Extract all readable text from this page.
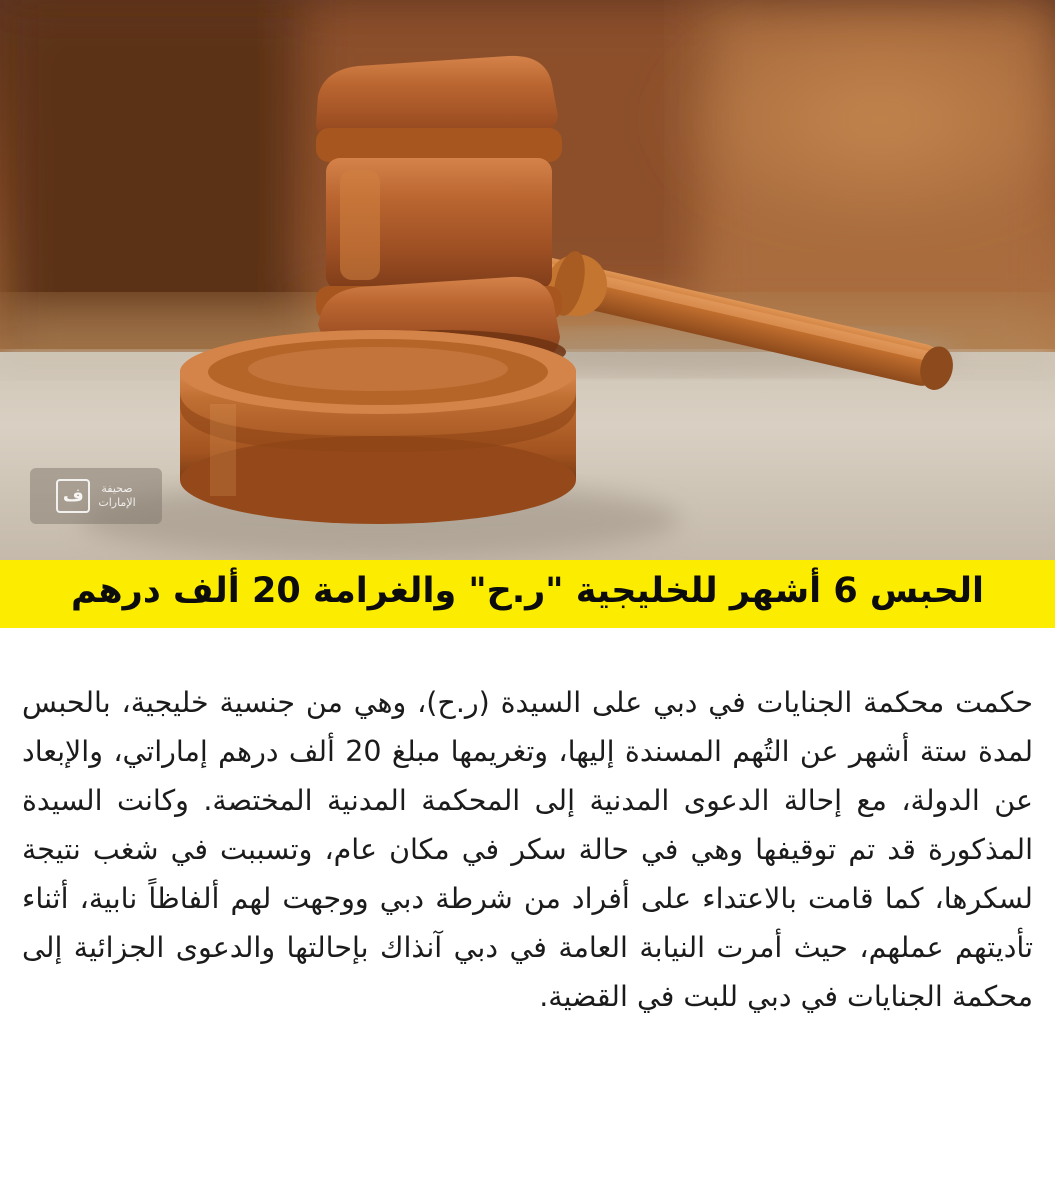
صحيفة
الإمارات
ف
الحبس 6 أشهر للخليجية "ر.ح" والغرامة 20 ألف درهم

حكمت محكمة الجنايات في دبي على السيدة (ر.ح)، وهي من جنسية خليجية، بالحبس لمدة ستة أشهر عن التُهم المسندة إليها، وتغريمها مبلغ 20 ألف درهم إماراتي، والإبعاد عن الدولة، مع إحالة الدعوى المدنية إلى المحكمة المدنية المختصة. وكانت السيدة المذكورة قد تم توقيفها وهي في حالة سكر في مكان عام، وتسببت في شغب نتيجة لسكرها، كما قامت بالاعتداء على أفراد من شرطة دبي ووجهت لهم ألفاظاً نابية، أثناء تأديتهم عملهم، حيث أمرت النيابة العامة في دبي آنذاك بإحالتها والدعوى الجزائية إلى محكمة الجنايات في دبي للبت في القضية.
